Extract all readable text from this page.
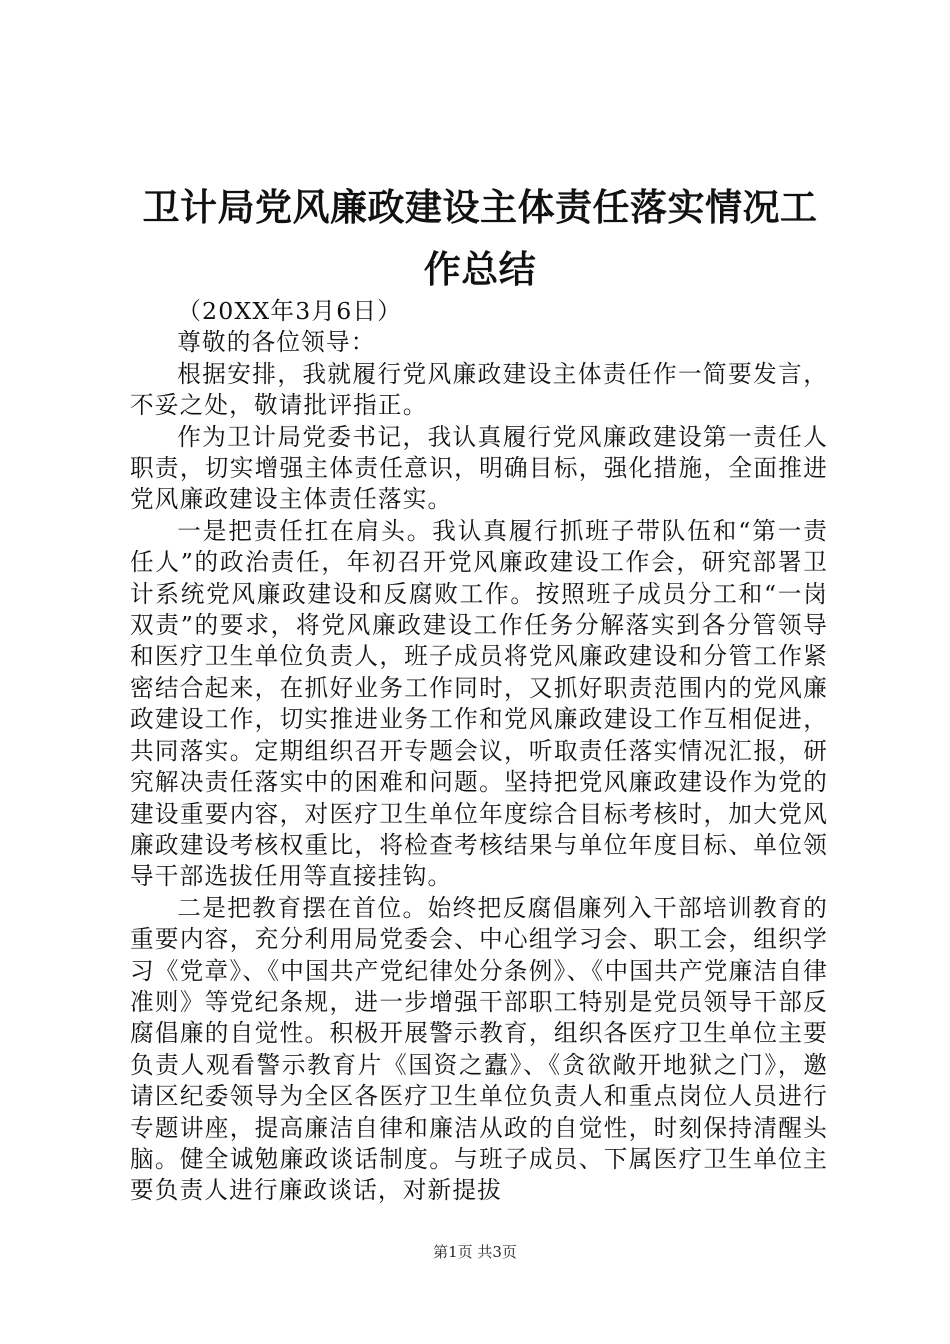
卫计局党风廉政建设主体责任落实情况工作总结

（20XX年3月6日）

尊敬的各位领导：

根据安排，我就履行党风廉政建设主体责任作一简要发言，不妥之处，敬请批评指正。

作为卫计局党委书记，我认真履行党风廉政建设第一责任人职责，切实增强主体责任意识，明确目标，强化措施，全面推进党风廉政建设主体责任落实。

一是把责任扛在肩头。我认真履行抓班子带队伍和“第一责任人”的政治责任，年初召开党风廉政建设工作会，研究部署卫计系统党风廉政建设和反腐败工作。按照班子成员分工和“一岗双责”的要求，将党风廉政建设工作任务分解落实到各分管领导和医疗卫生单位负责人，班子成员将党风廉政建设和分管工作紧密结合起来，在抓好业务工作同时，又抓好职责范围内的党风廉政建设工作，切实推进业务工作和党风廉政建设工作互相促进，共同落实。定期组织召开专题会议，听取责任落实情况汇报，研究解决责任落实中的困难和问题。坚持把党风廉政建设作为党的建设重要内容，对医疗卫生单位年度综合目标考核时，加大党风廉政建设考核权重比，将检查考核结果与单位年度目标、单位领导干部选拔任用等直接挂钩。

二是把教育摆在首位。始终把反腐倡廉列入干部培训教育的重要内容，充分利用局党委会、中心组学习会、职工会，组织学习《党章》、《中国共产党纪律处分条例》、《中国共产党廉洁自律准则》等党纪条规，进一步增强干部职工特别是党员领导干部反腐倡廉的自觉性。积极开展警示教育，组织各医疗卫生单位主要负责人观看警示教育片《国资之蠹》、《贪欲敞开地狱之门》，邀请区纪委领导为全区各医疗卫生单位负责人和重点岗位人员进行专题讲座，提高廉洁自律和廉洁从政的自觉性，时刻保持清醒头脑。健全诚勉廉政谈话制度。与班子成员、下属医疗卫生单位主要负责人进行廉政谈话，对新提拔

第1页 共3页
